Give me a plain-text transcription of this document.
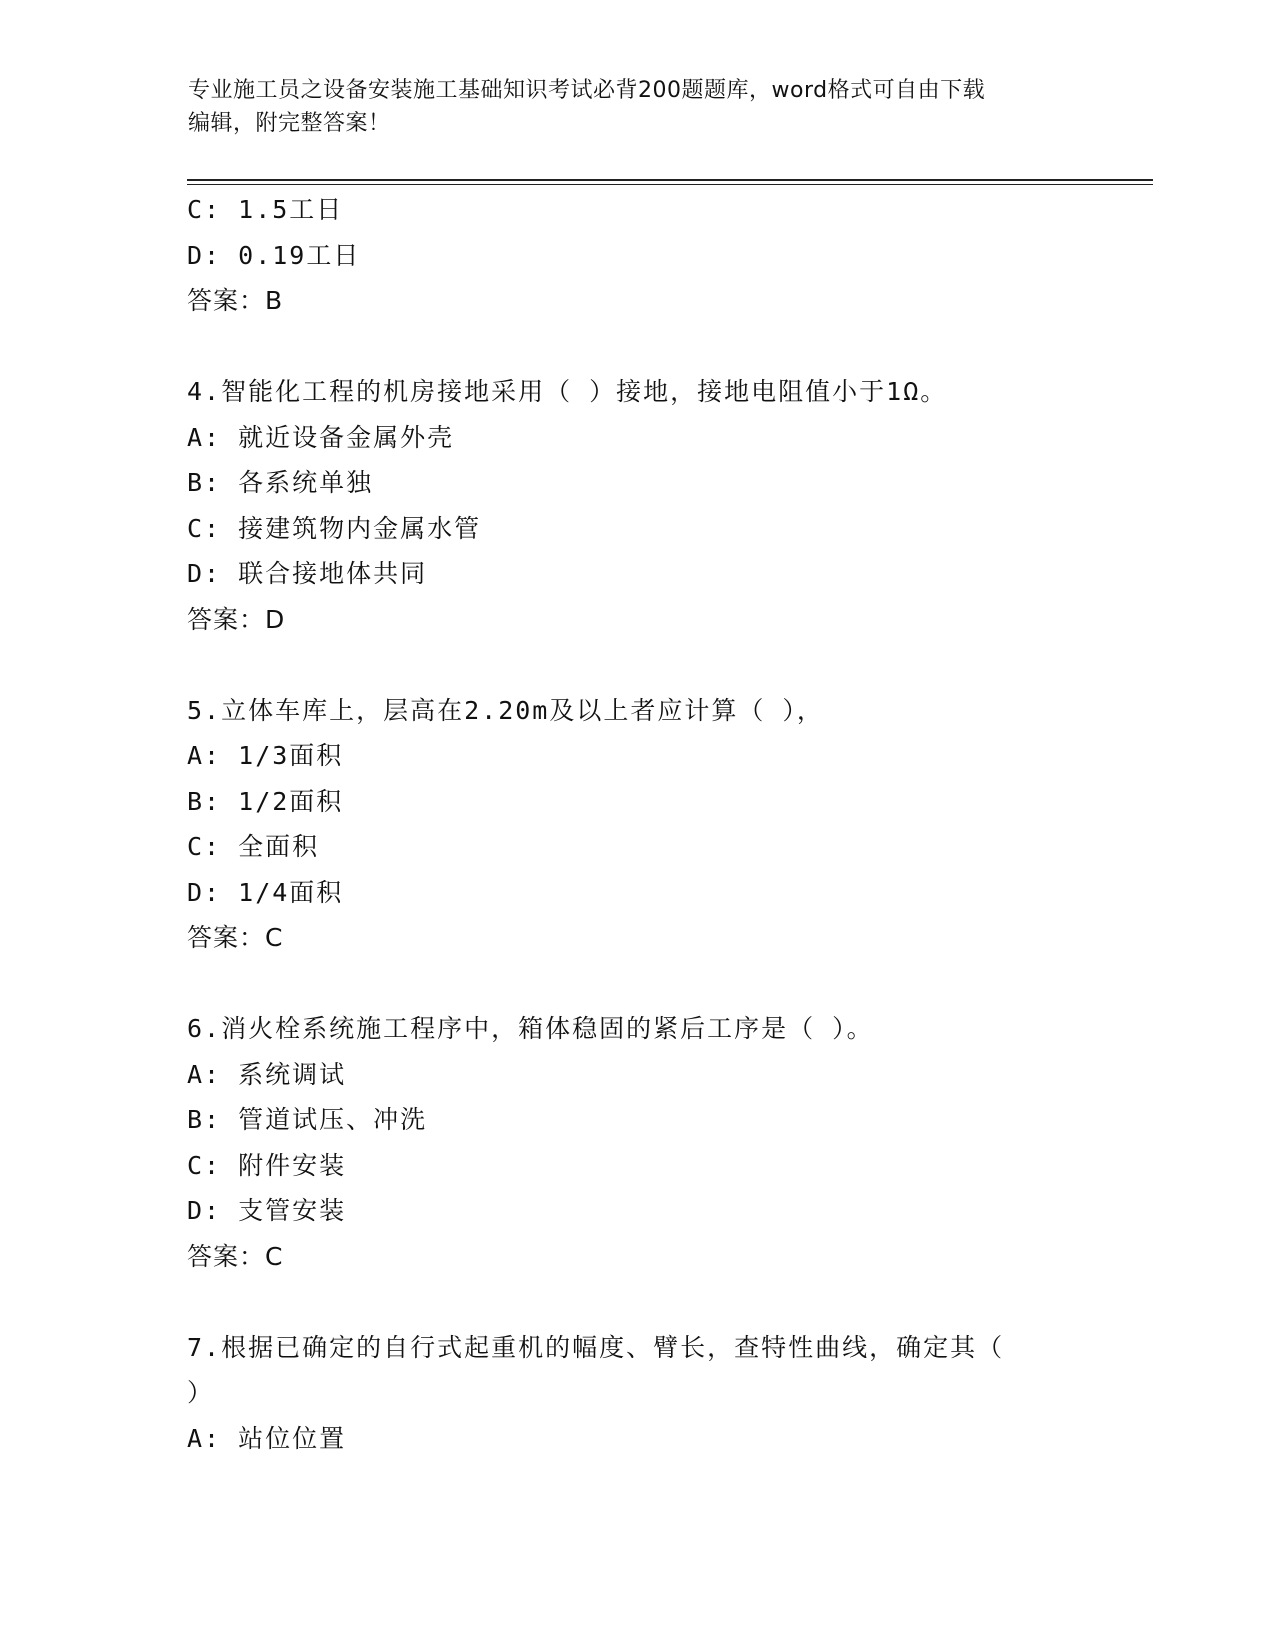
专业施工员之设备安装施工基础知识考试必背200题题库，word格式可自由下载
编辑，附完整答案！
C: 1.5工日
D: 0.19工日
答案：B
4.智能化工程的机房接地采用（ ）接地，接地电阻值小于1Ω。
A: 就近设备金属外壳
B: 各系统单独
C: 接建筑物内金属水管
D: 联合接地体共同
答案：D
5.立体车库上，层高在2.20m及以上者应计算（ ），
A: 1/3面积
B: 1/2面积
C: 全面积
D: 1/4面积
答案：C
6.消火栓系统施工程序中，箱体稳固的紧后工序是（ ）。
A: 系统调试
B: 管道试压、冲洗
C: 附件安装
D: 支管安装
答案：C
7.根据已确定的自行式起重机的幅度、臂长，查特性曲线，确定其（
）
A: 站位位置
